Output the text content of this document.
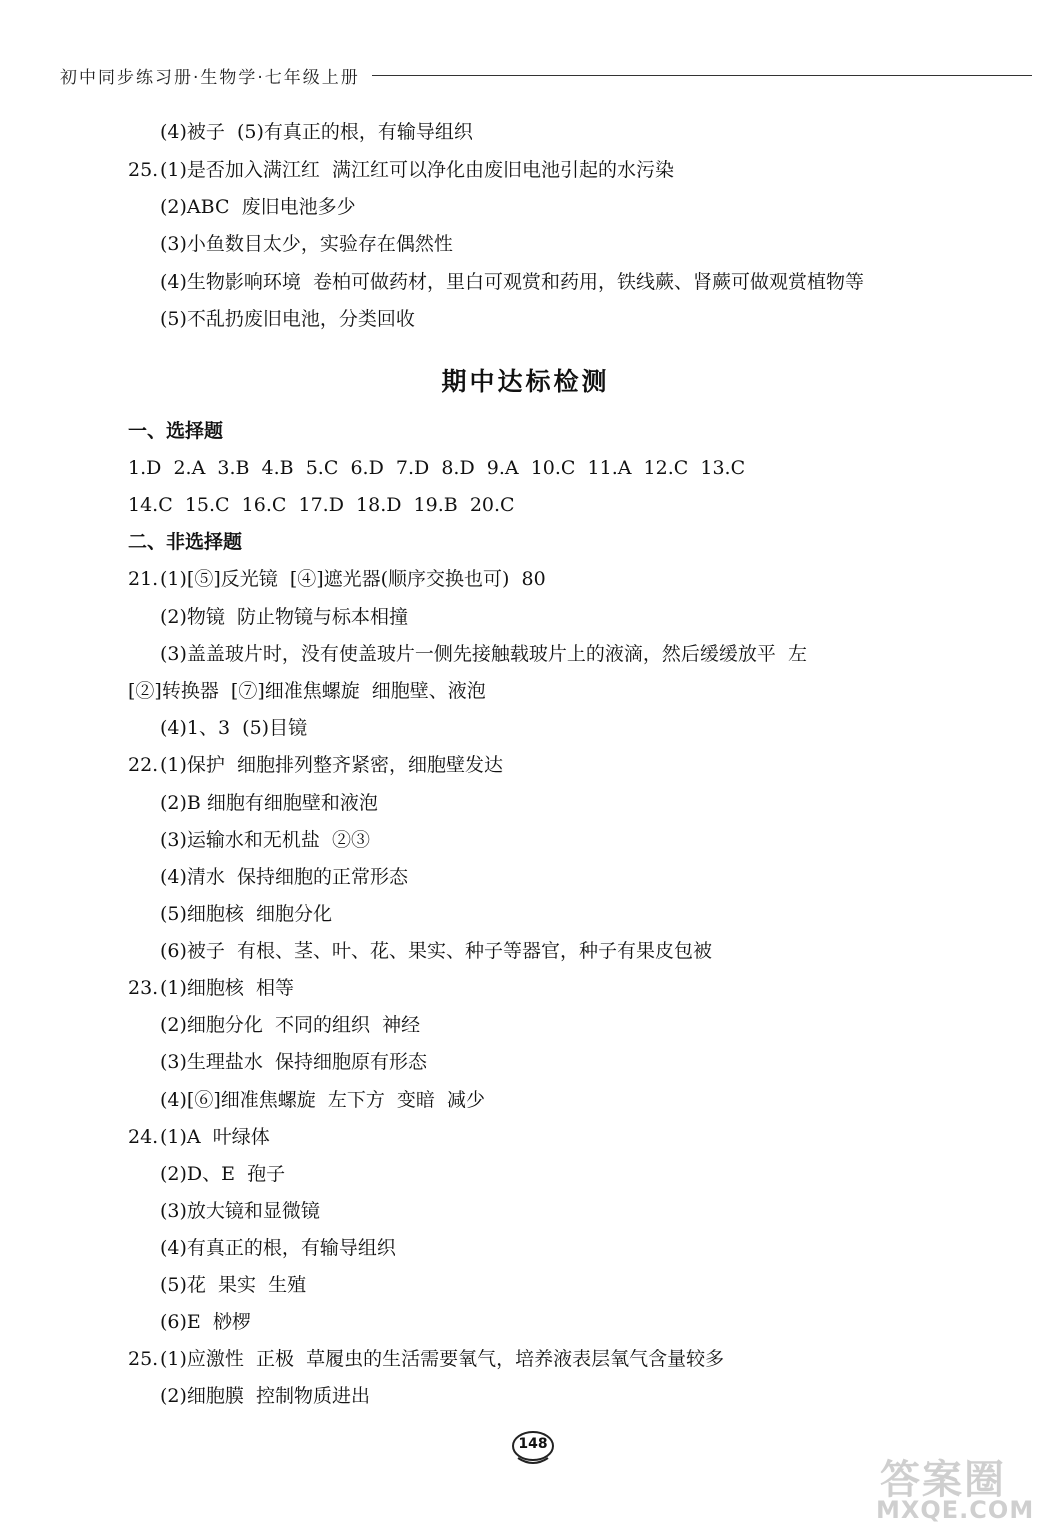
初中同步练习册·生物学·七年级上册
(4)被子  (5)有真正的根，有输导组织
25. (1)是否加入满江红  满江红可以净化由废旧电池引起的水污染
(2)ABC  废旧电池多少
(3)小鱼数目太少，实验存在偶然性
(4)生物影响环境  卷柏可做药材，里白可观赏和药用，铁线蕨、肾蕨可做观赏植物等
(5)不乱扔废旧电池，分类回收
期中达标检测
一、选择题
1.D  2.A  3.B  4.B  5.C  6.D  7.D  8.D  9.A  10.C  11.A  12.C  13.C
14.C  15.C  16.C  17.D  18.D  19.B  20.C
二、非选择题
21. (1)[⑤]反光镜  [④]遮光器(顺序交换也可)  80
(2)物镜  防止物镜与标本相撞
(3)盖盖玻片时，没有使盖玻片一侧先接触载玻片上的液滴，然后缓缓放平  左
[②]转换器  [⑦]细准焦螺旋  细胞壁、液泡
(4)1、3  (5)目镜
22. (1)保护  细胞排列整齐紧密，细胞壁发达
(2)B 细胞有细胞壁和液泡
(3)运输水和无机盐  ②③
(4)清水  保持细胞的正常形态
(5)细胞核  细胞分化
(6)被子  有根、茎、叶、花、果实、种子等器官，种子有果皮包被
23. (1)细胞核  相等
(2)细胞分化  不同的组织  神经
(3)生理盐水  保持细胞原有形态
(4)[⑥]细准焦螺旋  左下方  变暗  减少
24. (1)A  叶绿体
(2)D、E  孢子
(3)放大镜和显微镜
(4)有真正的根，有输导组织
(5)花  果实  生殖
(6)E  桫椤
25. (1)应激性  正极  草履虫的生活需要氧气，培养液表层氧气含量较多
(2)细胞膜  控制物质进出
148
答案圈
MXQE.COM
